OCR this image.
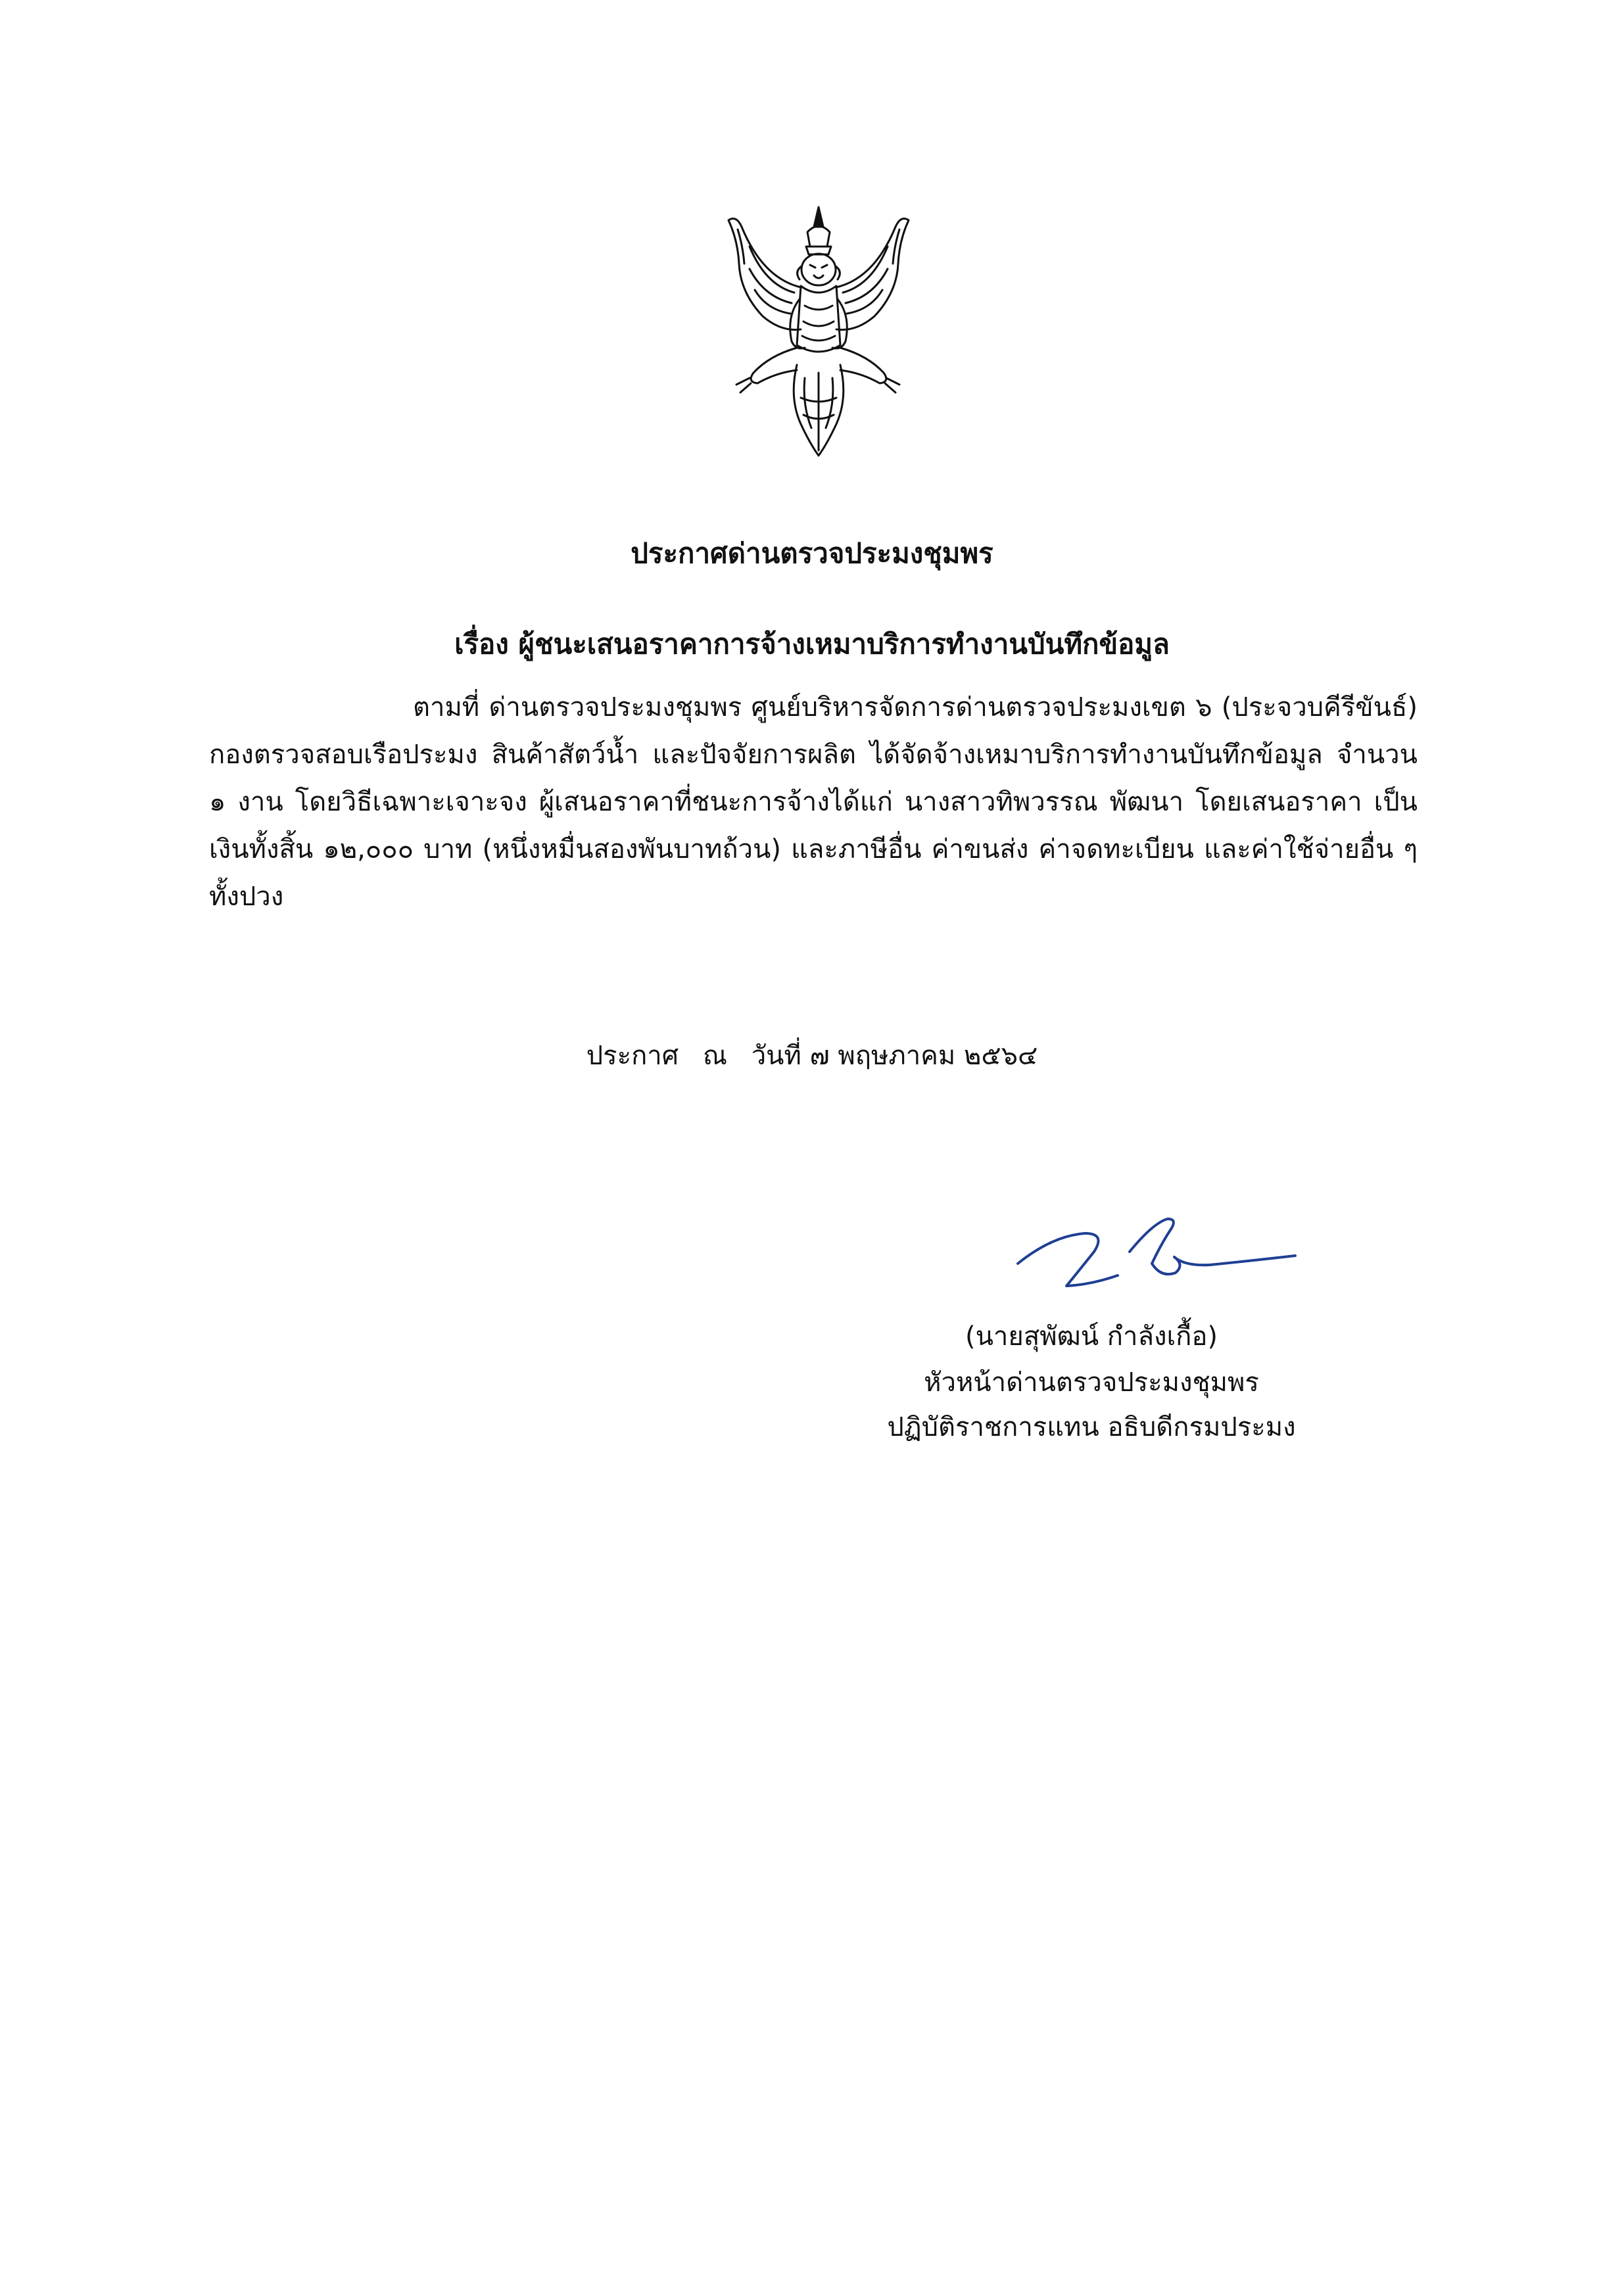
ประกาศด่านตรวจประมงชุมพร
เรื่อง ผู้ชนะเสนอราคาการจ้างเหมาบริการทำงานบันทึกข้อมูล
ตามที่ ด่านตรวจประมงชุมพร ศูนย์บริหารจัดการด่านตรวจประมงเขต ๖ (ประจวบคีรีขันธ์) กองตรวจสอบเรือประมง สินค้าสัตว์น้ำ และปัจจัยการผลิต ได้จัดจ้างเหมาบริการทำงานบันทึกข้อมูล จำนวน ๑ งาน โดยวิธีเฉพาะเจาะจง ผู้เสนอราคาที่ชนะการจ้างได้แก่ นางสาวทิพวรรณ พัฒนา โดยเสนอราคา เป็นเงินทั้งสิ้น ๑๒,๐๐๐ บาท (หนึ่งหมื่นสองพันบาทถ้วน) และภาษีอื่น ค่าขนส่ง ค่าจดทะเบียน และค่าใช้จ่ายอื่น ๆ ทั้งปวง
ประกาศ ณ วันที่ ๗ พฤษภาคม ๒๕๖๔
(นายสุพัฒน์ กำลังเกื้อ)
หัวหน้าด่านตรวจประมงชุมพร
ปฏิบัติราชการแทน อธิบดีกรมประมง
